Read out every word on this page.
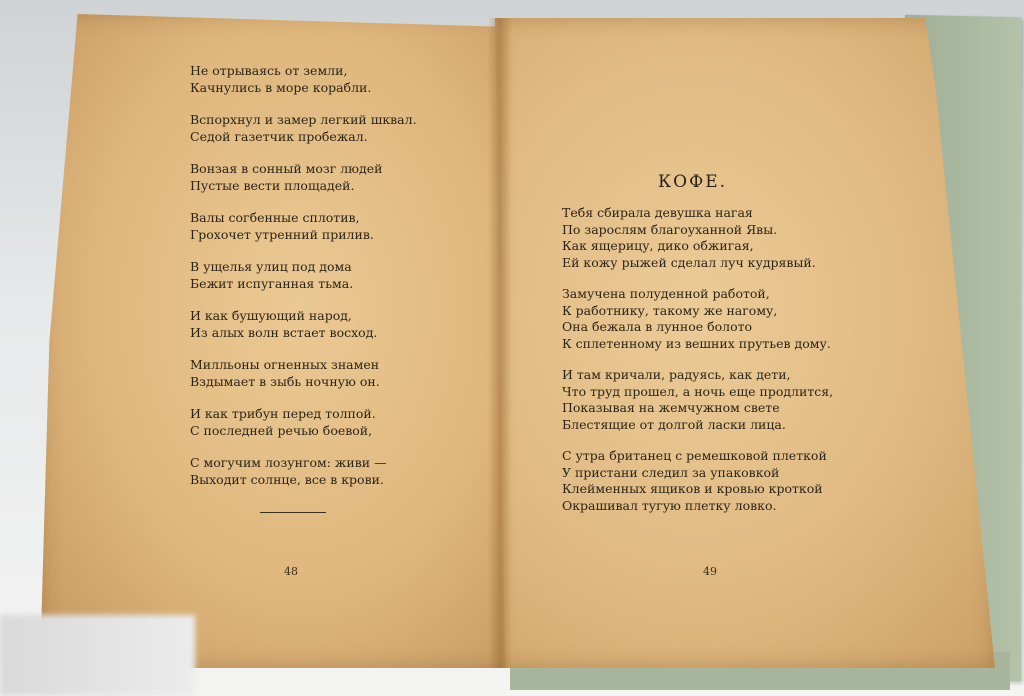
Не отрываясь от земли,
Качнулись в море корабли.
Вспорхнул и замер легкий шквал.
Седой газетчик пробежал.
Вонзая в сонный мозг людей
Пустые вести площадей.
Валы согбенные сплотив,
Грохочет утренний прилив.
В ущелья улиц под дома
Бежит испуганная тьма.
И как бушующий народ,
Из алых волн встает восход.
Милльоны огненных знамен
Вздымает в зыбь ночную он.
И как трибун перед толпой.
С последней речью боевой,
С могучим лозунгом: живи —
Выходит солнце, все в крови.
48
КОФЕ.
Тебя сбирала девушка нагая
По зарослям благоуханной Явы.
Как ящерицу, дико обжигая,
Ей кожу рыжей сделал луч кудрявый.
Замучена полуденной работой,
К работнику, такому же нагому,
Она бежала в лунное болото
К сплетенному из вешних прутьев дому.
И там кричали, радуясь, как дети,
Что труд прошел, а ночь еще продлится,
Показывая на жемчужном свете
Блестящие от долгой ласки лица.
С утра британец с ремешковой плеткой
У пристани следил за упаковкой
Клейменных ящиков и кровью кроткой
Окрашивал тугую плетку ловко.
49
